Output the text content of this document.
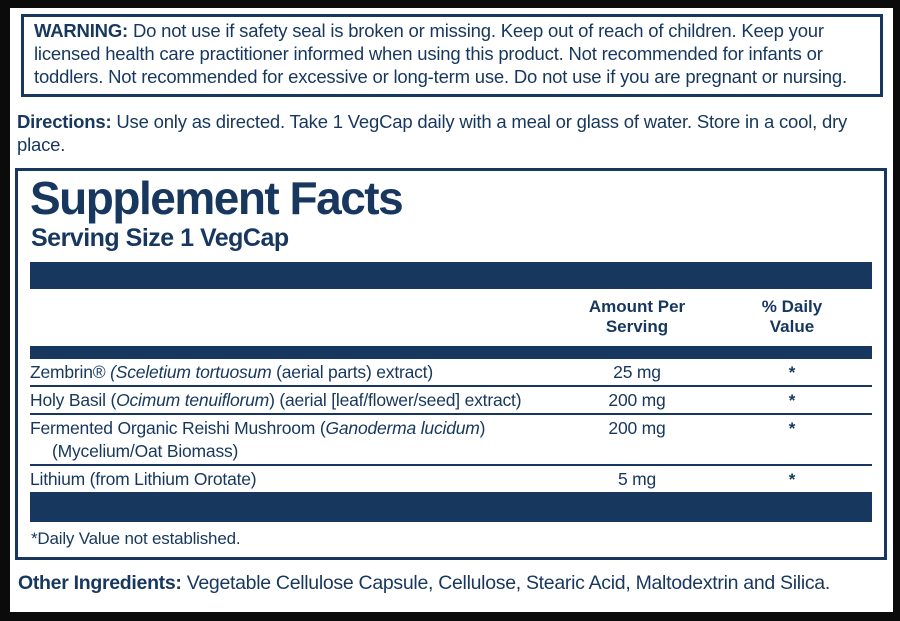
WARNING: Do not use if safety seal is broken or missing. Keep out of reach of children. Keep your licensed health care practitioner informed when using this product. Not recommended for infants or toddlers. Not recommended for excessive or long-term use. Do not use if you are pregnant or nursing.

Directions: Use only as directed. Take 1 VegCap daily with a meal or glass of water. Store in a cool, dry place.

Supplement Facts
Serving Size 1 VegCap
Amount Per
Serving
% Daily
Value
Zembrin® (Sceletium tortuosum (aerial parts) extract)	25 mg	*
Holy Basil (Ocimum tenuiflorum) (aerial [leaf/flower/seed] extract)	200 mg	*
Fermented Organic Reishi Mushroom (Ganoderma lucidum)
(Mycelium/Oat Biomass)
200 mg	*
Lithium (from Lithium Orotate)	5 mg	*

*Daily Value not established.

Other Ingredients: Vegetable Cellulose Capsule, Cellulose, Stearic Acid, Maltodextrin and Silica.
